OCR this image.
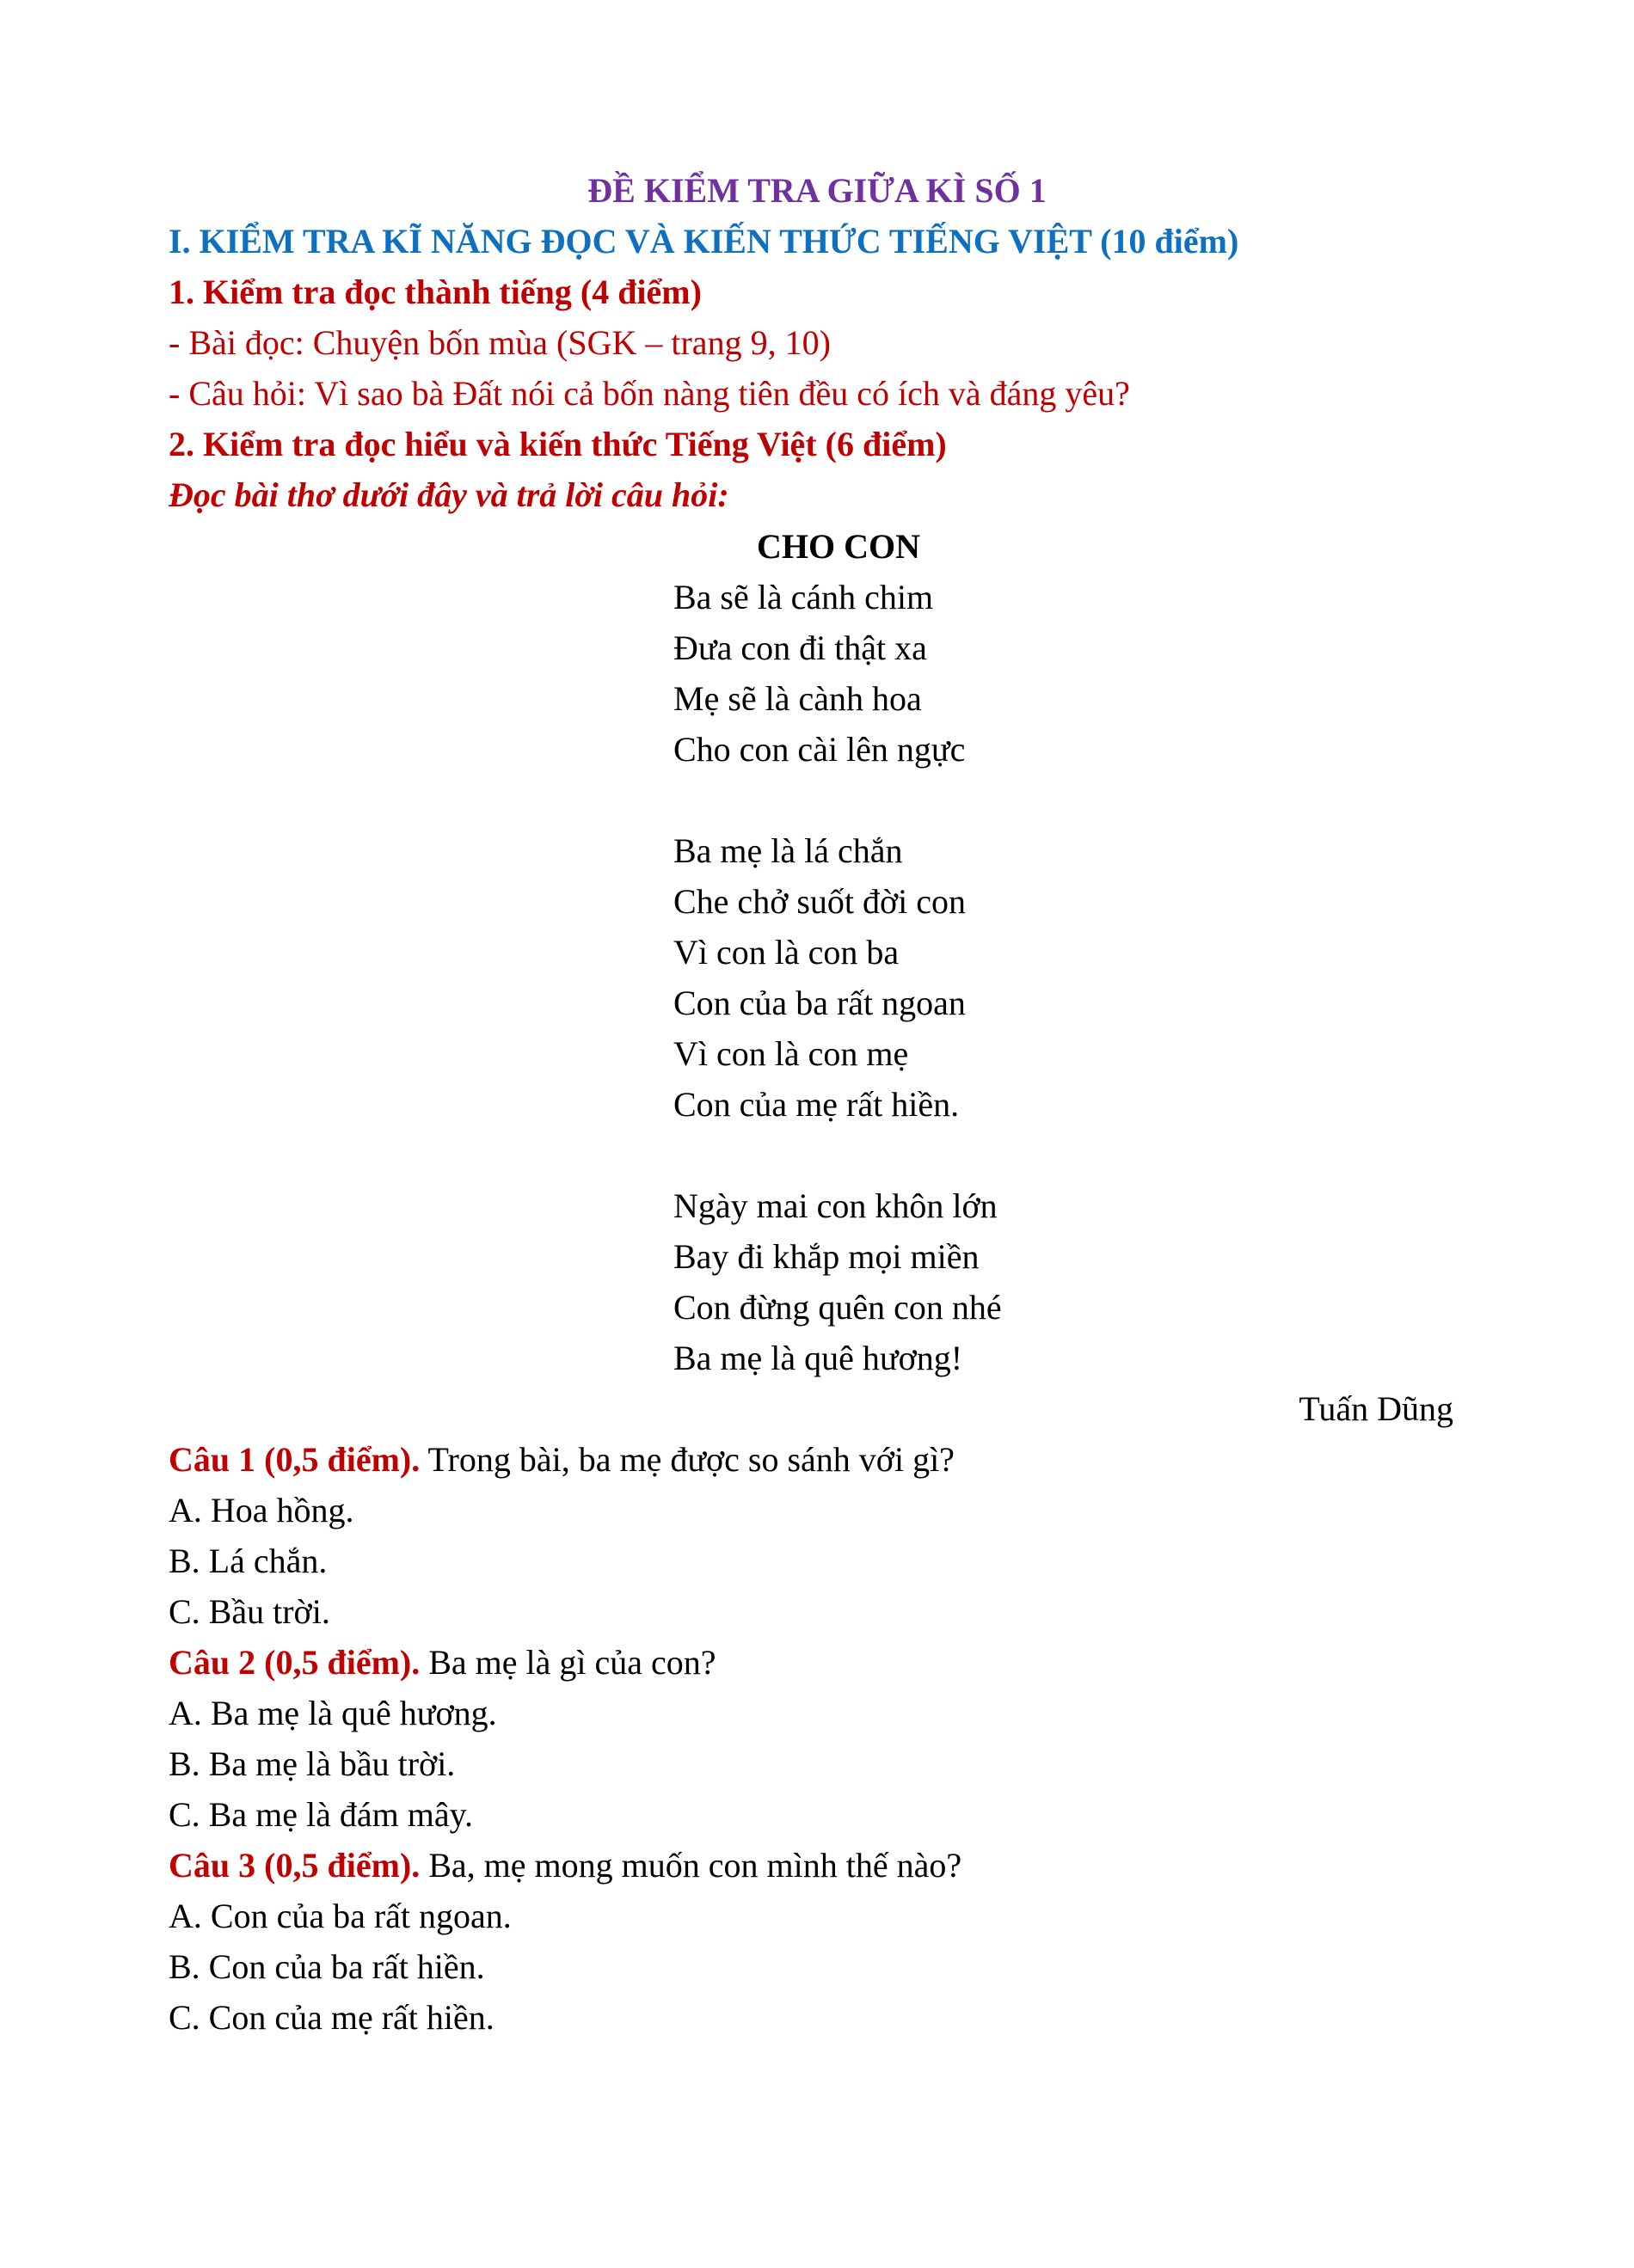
ĐỀ KIỂM TRA GIỮA KÌ SỐ 1
I. KIỂM TRA KĨ NĂNG ĐỌC VÀ KIẾN THỨC TIẾNG VIỆT (10 điểm)
1. Kiểm tra đọc thành tiếng (4 điểm)
- Bài đọc: Chuyện bốn mùa (SGK – trang 9, 10)
- Câu hỏi: Vì sao bà Đất nói cả bốn nàng tiên đều có ích và đáng yêu?
2. Kiểm tra đọc hiểu và kiến thức Tiếng Việt (6 điểm)
Đọc bài thơ dưới đây và trả lời câu hỏi:
CHO CON
Ba sẽ là cánh chim
Đưa con đi thật xa
Mẹ sẽ là cành hoa
Cho con cài lên ngực
Ba mẹ là lá chắn
Che chở suốt đời con
Vì con là con ba
Con của ba rất ngoan
Vì con là con mẹ
Con của mẹ rất hiền.
Ngày mai con khôn lớn
Bay đi khắp mọi miền
Con đừng quên con nhé
Ba mẹ là quê hương!
Tuấn Dũng
Câu 1 (0,5 điểm). Trong bài, ba mẹ được so sánh với gì?
A. Hoa hồng.
B. Lá chắn.
C. Bầu trời.
Câu 2 (0,5 điểm). Ba mẹ là gì của con?
A. Ba mẹ là quê hương.
B. Ba mẹ là bầu trời.
C. Ba mẹ là đám mây.
Câu 3 (0,5 điểm). Ba, mẹ mong muốn con mình thế nào?
A. Con của ba rất ngoan.
B. Con của ba rất hiền.
C. Con của mẹ rất hiền.
